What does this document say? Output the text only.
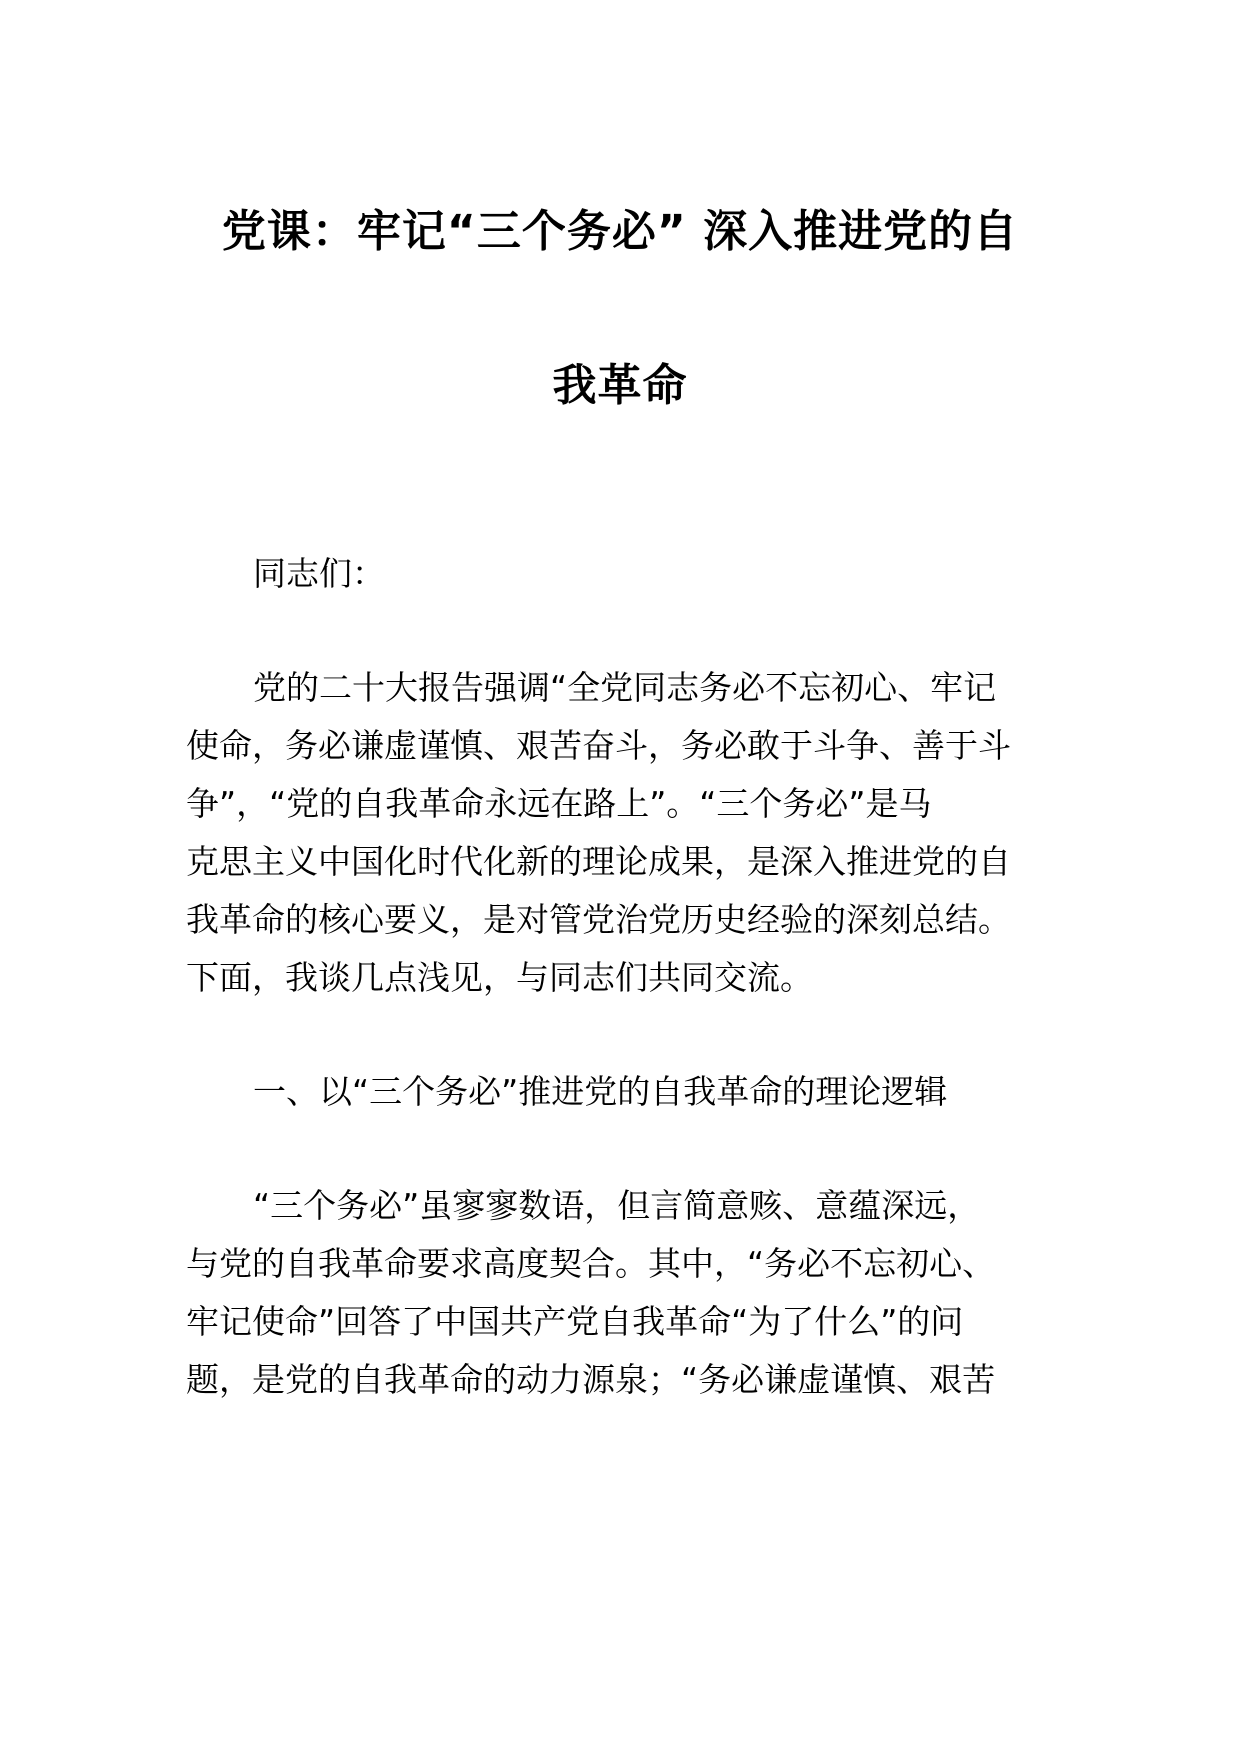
党课：牢记“三个务必” 深入推进党的自
我革命

同志们：

党的二十大报告强调“全党同志务必不忘初心、牢记

使命，务必谦虚谨慎、艰苦奋斗，务必敢于斗争、善于斗

争”，“党的自我革命永远在路上”。“三个务必”是马

克思主义中国化时代化新的理论成果，是深入推进党的自

我革命的核心要义，是对管党治党历史经验的深刻总结。

下面，我谈几点浅见，与同志们共同交流。

一、以“三个务必”推进党的自我革命的理论逻辑

“三个务必”虽寥寥数语，但言简意赅、意蕴深远，

与党的自我革命要求高度契合。其中，“务必不忘初心、

牢记使命”回答了中国共产党自我革命“为了什么”的问

题，是党的自我革命的动力源泉；“务必谦虚谨慎、艰苦
